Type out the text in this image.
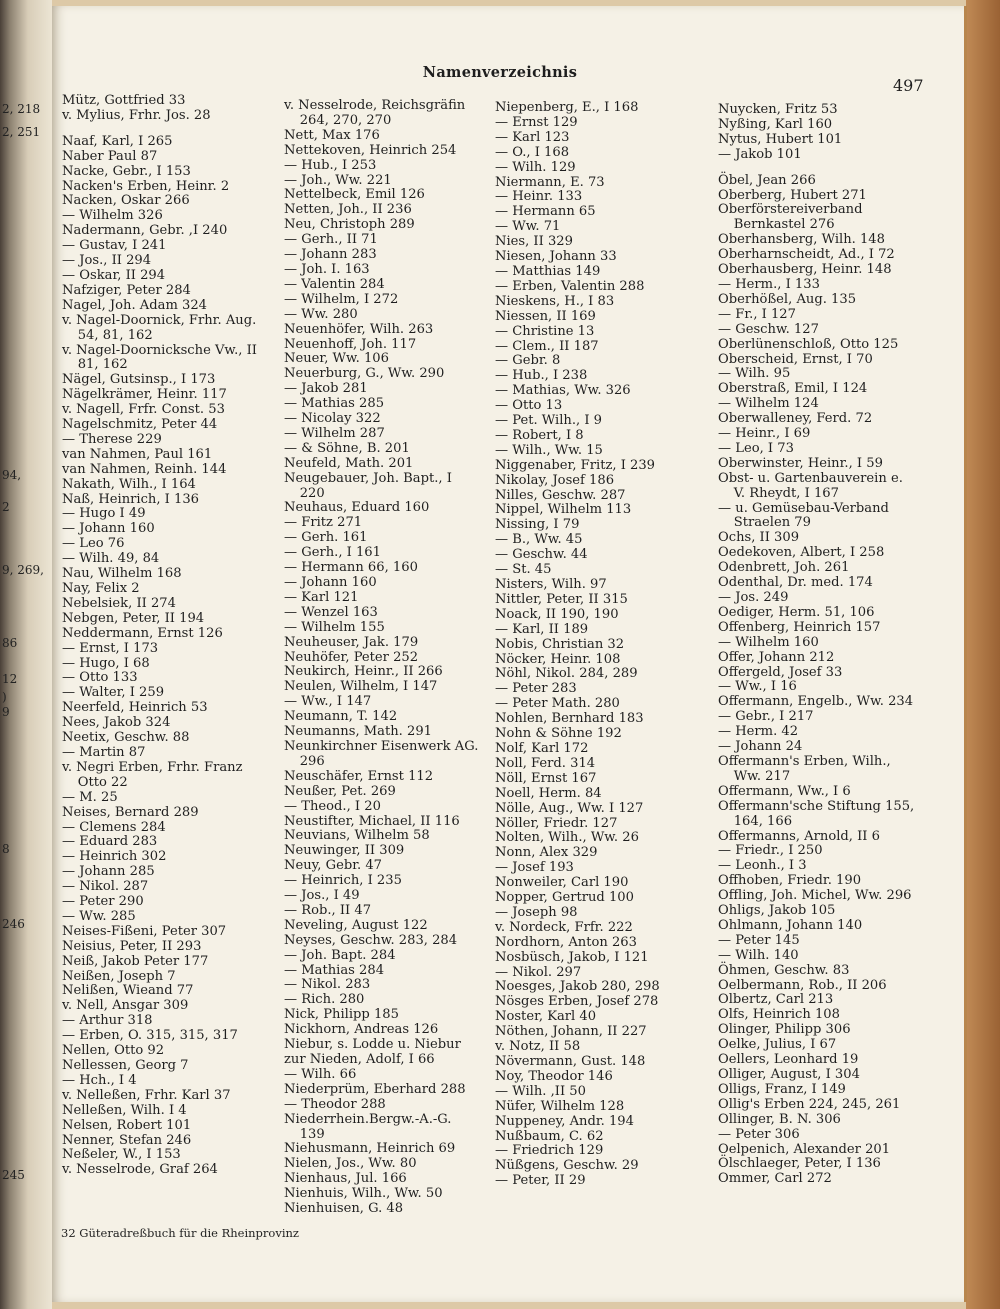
2, 218
2, 251
94,
2
9, 269,
86
12
)
9
8
246
245
Namenverzeichnis
497
Mütz, Gottfried 33
v. Mylius, Frhr. Jos. 28
Naaf, Karl, I 265
Naber Paul 87
Nacke, Gebr., I 153
Nacken's Erben, Heinr. 2
Nacken, Oskar 266
— Wilhelm 326
Nadermann, Gebr. ,I 240
— Gustav, I 241
— Jos., II 294
— Oskar, II 294
Nafziger, Peter 284
Nagel, Joh. Adam 324
v. Nagel-Doornick, Frhr. Aug. 54, 81, 162
v. Nagel-Doornicksche Vw., II 81, 162
Nägel, Gutsinsp., I 173
Nägelkrämer, Heinr. 117
v. Nagell, Frfr. Const. 53
Nagelschmitz, Peter 44
— Therese 229
van Nahmen, Paul 161
van Nahmen, Reinh. 144
Nakath, Wilh., I 164
Naß, Heinrich, I 136
— Hugo I 49
— Johann 160
— Leo 76
— Wilh. 49, 84
Nau, Wilhelm 168
Nay, Felix 2
Nebelsiek, II 274
Nebgen, Peter, II 194
Neddermann, Ernst 126
— Ernst, I 173
— Hugo, I 68
— Otto 133
— Walter, I 259
Neerfeld, Heinrich 53
Nees, Jakob 324
Neetix, Geschw. 88
— Martin 87
v. Negri Erben, Frhr. Franz Otto 22
— M. 25
Neises, Bernard 289
— Clemens 284
— Eduard 283
— Heinrich 302
— Johann 285
— Nikol. 287
— Peter 290
— Ww. 285
Neises-Fißeni, Peter 307
Neisius, Peter, II 293
Neiß, Jakob Peter 177
Neißen, Joseph 7
Nelißen, Wieand 77
v. Nell, Ansgar 309
— Arthur 318
— Erben, O. 315, 315, 317
Nellen, Otto 92
Nellessen, Georg 7
— Hch., I 4
v. Nelleßen, Frhr. Karl 37
Nelleßen, Wilh. I 4
Nelsen, Robert 101
Nenner, Stefan 246
Neßeler, W., I 153
v. Nesselrode, Graf 264
v. Nesselrode, Reichsgräfin 264, 270, 270
Nett, Max 176
Nettekoven, Heinrich 254
— Hub., I 253
— Joh., Ww. 221
Nettelbeck, Emil 126
Netten, Joh., II 236
Neu, Christoph 289
— Gerh., II 71
— Johann 283
— Joh. I. 163
— Valentin 284
— Wilhelm, I 272
— Ww. 280
Neuenhöfer, Wilh. 263
Neuenhoff, Joh. 117
Neuer, Ww. 106
Neuerburg, G., Ww. 290
— Jakob 281
— Mathias 285
— Nicolay 322
— Wilhelm 287
— & Söhne, B. 201
Neufeld, Math. 201
Neugebauer, Joh. Bapt., I 220
Neuhaus, Eduard 160
— Fritz 271
— Gerh. 161
— Gerh., I 161
— Hermann 66, 160
— Johann 160
— Karl 121
— Wenzel 163
— Wilhelm 155
Neuheuser, Jak. 179
Neuhöfer, Peter 252
Neukirch, Heinr., II 266
Neulen, Wilhelm, I 147
— Ww., I 147
Neumann, T. 142
Neumanns, Math. 291
Neunkirchner Eisenwerk AG. 296
Neuschäfer, Ernst 112
Neußer, Pet. 269
— Theod., I 20
Neustifter, Michael, II 116
Neuvians, Wilhelm 58
Neuwinger, II 309
Neuy, Gebr. 47
— Heinrich, I 235
— Jos., I 49
— Rob., II 47
Neveling, August 122
Neyses, Geschw. 283, 284
— Joh. Bapt. 284
— Mathias 284
— Nikol. 283
— Rich. 280
Nick, Philipp 185
Nickhorn, Andreas 126
Niebur, s. Lodde u. Niebur
zur Nieden, Adolf, I 66
— Wilh. 66
Niederprüm, Eberhard 288
— Theodor 288
Niederrhein.Bergw.-A.-G. 139
Niehusmann, Heinrich 69
Nielen, Jos., Ww. 80
Nienhaus, Jul. 166
Nienhuis, Wilh., Ww. 50
Nienhuisen, G. 48
Niepenberg, E., I 168
— Ernst 129
— Karl 123
— O., I 168
— Wilh. 129
Niermann, E. 73
— Heinr. 133
— Hermann 65
— Ww. 71
Nies, II 329
Niesen, Johann 33
— Matthias 149
— Erben, Valentin 288
Nieskens, H., I 83
Niessen, II 169
— Christine 13
— Clem., II 187
— Gebr. 8
— Hub., I 238
— Mathias, Ww. 326
— Otto 13
— Pet. Wilh., I 9
— Robert, I 8
— Wilh., Ww. 15
Niggenaber, Fritz, I 239
Nikolay, Josef 186
Nilles, Geschw. 287
Nippel, Wilhelm 113
Nissing, I 79
— B., Ww. 45
— Geschw. 44
— St. 45
Nisters, Wilh. 97
Nittler, Peter, II 315
Noack, II 190, 190
— Karl, II 189
Nobis, Christian 32
Nöcker, Heinr. 108
Nöhl, Nikol. 284, 289
— Peter 283
— Peter Math. 280
Nohlen, Bernhard 183
Nohn & Söhne 192
Nolf, Karl 172
Noll, Ferd. 314
Nöll, Ernst 167
Noell, Herm. 84
Nölle, Aug., Ww. I 127
Nöller, Friedr. 127
Nolten, Wilh., Ww. 26
Nonn, Alex 329
— Josef 193
Nonweiler, Carl 190
Nopper, Gertrud 100
— Joseph 98
v. Nordeck, Frfr. 222
Nordhorn, Anton 263
Nosbüsch, Jakob, I 121
— Nikol. 297
Noesges, Jakob 280, 298
Nösges Erben, Josef 278
Noster, Karl 40
Nöthen, Johann, II 227
v. Notz, II 58
Növermann, Gust. 148
Noy, Theodor 146
— Wilh. ,II 50
Nüfer, Wilhelm 128
Nuppeney, Andr. 194
Nußbaum, C. 62
— Friedrich 129
Nüßgens, Geschw. 29
— Peter, II 29
Nuycken, Fritz 53
Nyßing, Karl 160
Nytus, Hubert 101
— Jakob 101
Öbel, Jean 266
Oberberg, Hubert 271
Oberförstereiverband Bernkastel 276
Oberhansberg, Wilh. 148
Oberharnscheidt, Ad., I 72
Oberhausberg, Heinr. 148
— Herm., I 133
Oberhößel, Aug. 135
— Fr., I 127
— Geschw. 127
Oberlünenschloß, Otto 125
Oberscheid, Ernst, I 70
— Wilh. 95
Oberstraß, Emil, I 124
— Wilhelm 124
Oberwalleney, Ferd. 72
— Heinr., I 69
— Leo, I 73
Oberwinster, Heinr., I 59
Obst- u. Gartenbauverein e. V. Rheydt, I 167
— u. Gemüsebau-Verband Straelen 79
Ochs, II 309
Oedekoven, Albert, I 258
Odenbrett, Joh. 261
Odenthal, Dr. med. 174
— Jos. 249
Oediger, Herm. 51, 106
Offenberg, Heinrich 157
— Wilhelm 160
Offer, Johann 212
Offergeld, Josef 33
— Ww., I 16
Offermann, Engelb., Ww. 234
— Gebr., I 217
— Herm. 42
— Johann 24
Offermann's Erben, Wilh., Ww. 217
Offermann, Ww., I 6
Offermann'sche Stiftung 155, 164, 166
Offermanns, Arnold, II 6
— Friedr., I 250
— Leonh., I 3
Offhoben, Friedr. 190
Offling, Joh. Michel, Ww. 296
Ohligs, Jakob 105
Ohlmann, Johann 140
— Peter 145
— Wilh. 140
Öhmen, Geschw. 83
Oelbermann, Rob., II 206
Olbertz, Carl 213
Olfs, Heinrich 108
Olinger, Philipp 306
Oelke, Julius, I 67
Oellers, Leonhard 19
Olliger, August, I 304
Olligs, Franz, I 149
Ollig's Erben 224, 245, 261
Ollinger, B. N. 306
— Peter 306
Oelpenich, Alexander 201
Ölschlaeger, Peter, I 136
Ommer, Carl 272
32 Güteradreßbuch für die Rheinprovinz
